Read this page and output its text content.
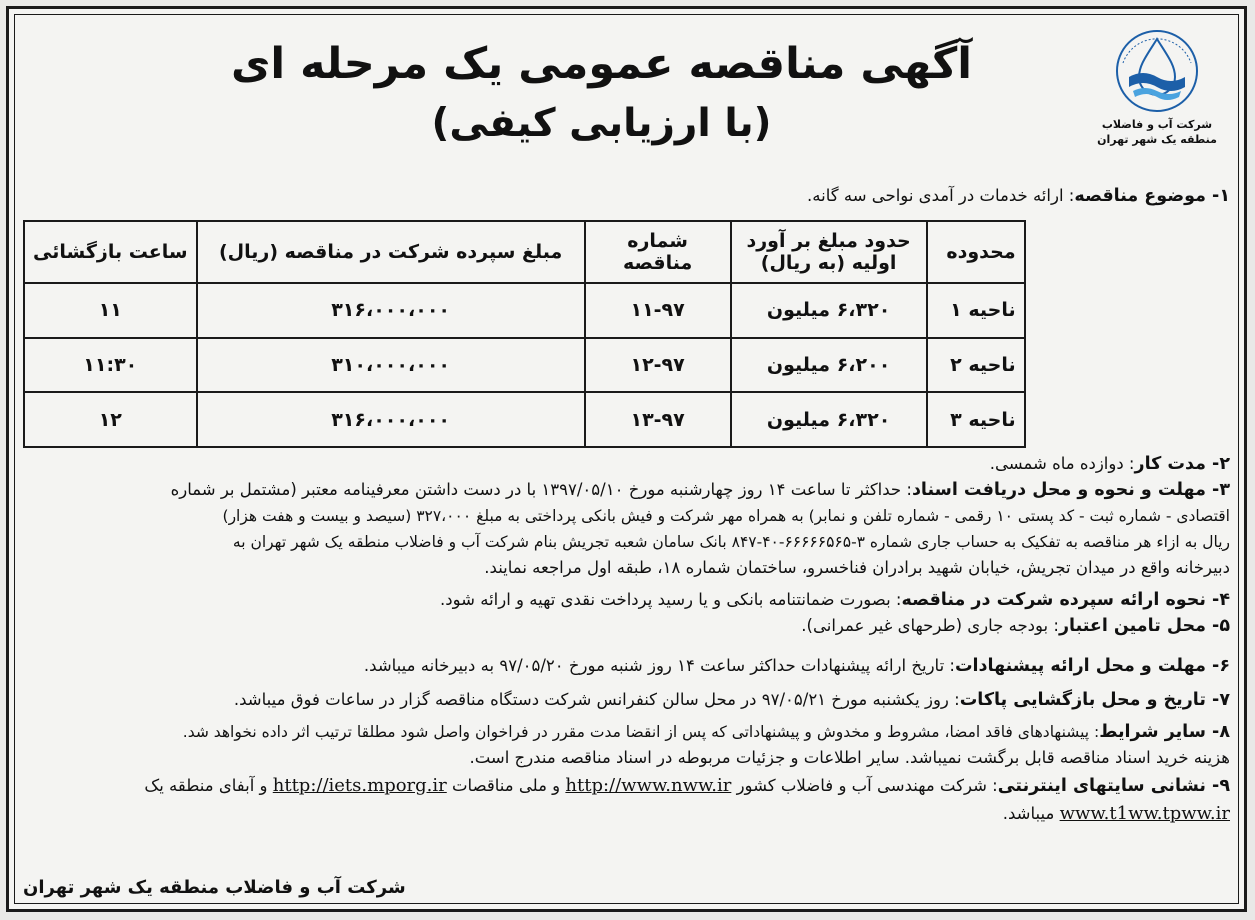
شرکت آب و فاضلاب
منطقه یک شهر تهران
آگهی مناقصه عمومی یک مرحله ای
(با ارزیابی کیفی)
۱- موضوع مناقصه: ارائه خدمات در آمدی نواحی سه گانه.
محدوده	حدود مبلغ بر آورد اولیه (به ریال)	شماره مناقصه	مبلغ سپرده شرکت در مناقصه (ریال)	ساعت بازگشائی
ناحیه ۱	۶،۳۲۰ میلیون	۱۱-۹۷	۳۱۶،۰۰۰،۰۰۰	۱۱
ناحیه ۲	۶،۲۰۰ میلیون	۱۲-۹۷	۳۱۰،۰۰۰،۰۰۰	۱۱:۳۰
ناحیه ۳	۶،۳۲۰ میلیون	۱۳-۹۷	۳۱۶،۰۰۰،۰۰۰	۱۲
۲- مدت کار: دوازده ماه شمسی.
۳- مهلت و نحوه و محل دریافت اسناد: حداکثر تا ساعت ۱۴ روز چهارشنبه مورخ ۱۳۹۷/۰۵/۱۰ با در دست داشتن معرفینامه معتبر (مشتمل بر شماره
اقتصادی - شماره ثبت - کد پستی ۱۰ رقمی - شماره تلفن و نمابر) به همراه مهر شرکت و فیش بانکی پرداختی به مبلغ ۳۲۷،۰۰۰ (سیصد و بیست و هفت هزار)
ریال به ازاء هر مناقصه به تفکیک به حساب جاری شماره ۳-۶۶۶۶۶۵۶۵-۴۰-۸۴۷ بانک سامان شعبه تجریش بنام شرکت آب و فاضلاب منطقه یک شهر تهران به
دبیرخانه واقع در میدان تجریش، خیابان شهید برادران فناخسرو، ساختمان شماره ۱۸، طبقه اول مراجعه نمایند.
۴- نحوه ارائه سپرده شرکت در مناقصه: بصورت ضمانتنامه بانکی و یا رسید پرداخت نقدی تهیه و ارائه شود.
۵- محل تامین اعتبار: بودجه جاری (طرحهای غیر عمرانی).
۶- مهلت و محل ارائه پیشنهادات: تاریخ ارائه پیشنهادات حداکثر ساعت ۱۴ روز شنبه مورخ ۹۷/۰۵/۲۰ به دبیرخانه میباشد.
۷- تاریخ و محل بازگشایی پاکات: روز یکشنبه مورخ ۹۷/۰۵/۲۱ در محل سالن کنفرانس شرکت دستگاه مناقصه گزار در ساعات فوق میباشد.
۸- سایر شرایط: پیشنهادهای فاقد امضا، مشروط و مخدوش و پیشنهاداتی که پس از انقضا مدت مقرر در فراخوان واصل شود مطلقا ترتیب اثر داده نخواهد شد.
هزینه خرید اسناد مناقصه قابل برگشت نمیباشد. سایر اطلاعات و جزئیات مربوطه در اسناد مناقصه مندرج است.
۹- نشانی سایتهای اینترنتی: شرکت مهندسی آب و فاضلاب کشور http://www.nww.ir و ملی مناقصات http://iets.mporg.ir و آبفای منطقه یک
www.t1ww.tpww.ir میباشد.
شرکت آب و فاضلاب منطقه یک شهر تهران
